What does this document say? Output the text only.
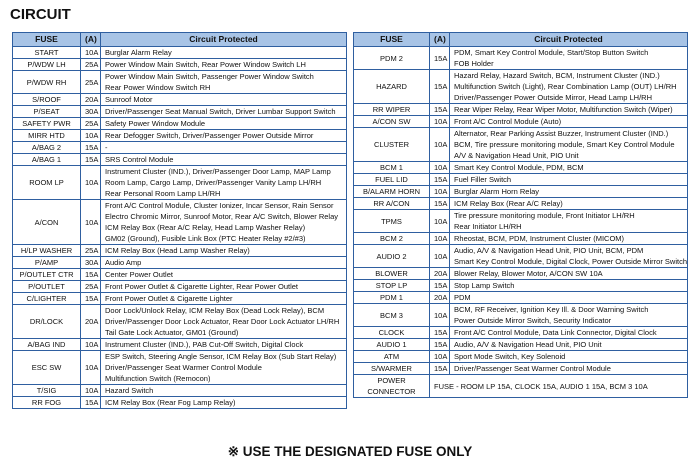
CIRCUIT
FUSE	(A)	Circuit Protected
START	10A	Burglar Alarm Relay

P/WDW LH	25A	Power Window Main Switch, Rear Power Window Switch LH

P/WDW RH	25A	Power Window Main Switch, Passenger Power Window Switch
Rear Power Window Switch RH

S/ROOF	20A	Sunroof Motor

P/SEAT	30A	Driver/Passenger Seat Manual Switch, Driver Lumbar Support Switch

SAFETY PWR	25A	Safety Power Window Module

MIRR HTD	10A	Rear Defogger Switch, Driver/Passenger Power Outside Mirror

A/BAG 2	15A	-

A/BAG 1	15A	SRS Control Module

ROOM LP	10A	Instrument Cluster (IND.), Driver/Passenger Door Lamp, MAP Lamp
Room Lamp, Cargo Lamp, Driver/Passenger Vanity Lamp LH/RH
Rear Personal Room Lamp LH/RH

A/CON	10A	Front A/C Control Module, Cluster Ionizer, Incar Sensor, Rain Sensor
Electro Chromic Mirror, Sunroof Motor, Rear A/C Switch, Blower Relay
ICM Relay Box (Rear A/C Relay, Head Lamp Washer Relay)
GM02 (Ground), Fusible Link Box (PTC Heater Relay #2/#3)

H/LP WASHER	25A	ICM Relay Box (Head Lamp Washer Relay)

P/AMP	30A	Audio Amp

P/OUTLET CTR	15A	Center Power Outlet

P/OUTLET	25A	Front Power Outlet & Cigarette Lighter, Rear Power Outlet

C/LIGHTER	15A	Front Power Outlet & Cigarette Lighter

DR/LOCK	20A	Door Lock/Unlock Relay, ICM Relay Box (Dead Lock Relay), BCM
Driver/Passenger Door Lock Actuator, Rear Door Lock Actuator LH/RH
Tail Gate Lock Actuator, GM01 (Ground)

A/BAG IND	10A	Instrument Cluster (IND.), PAB Cut-Off Switch, Digital Clock

ESC SW	10A	ESP Switch, Steering Angle Sensor, ICM Relay Box (Sub Start Relay)
Driver/Passenger Seat Warmer Control Module
Multifunction Switch (Remocon)

T/SIG	10A	Hazard Switch

RR FOG	15A	ICM Relay Box (Rear Fog Lamp Relay)
FUSE	(A)	Circuit Protected
PDM 2	15A	PDM, Smart Key Control Module, Start/Stop Button Switch
FOB Holder

HAZARD	15A	Hazard Relay, Hazard Switch, BCM, Instrument Cluster (IND.)
Multifunction Switch (Light), Rear Combination Lamp (OUT) LH/RH
Driver/Passenger Power Outside Mirror, Head Lamp LH/RH

RR WIPER	15A	Rear Wiper Relay, Rear Wiper Motor, Multifunction Switch (Wiper)

A/CON SW	10A	Front A/C Control Module (Auto)

CLUSTER	10A	Alternator, Rear Parking Assist Buzzer, Instrument Cluster (IND.)
BCM, Tire pressure monitoring module, Smart Key Control Module
A/V & Navigation Head Unit, PIO Unit

BCM 1	10A	Smart Key Control Module, PDM, BCM

FUEL LID	15A	Fuel Filler Switch

B/ALARM HORN	10A	Burglar Alarm Horn Relay

RR A/CON	15A	ICM Relay Box (Rear A/C Relay)

TPMS	10A	Tire pressure monitoring module, Front Initiator LH/RH
Rear Initiator LH/RH

BCM 2	10A	Rheostat, BCM, PDM, Instrument Cluster (MICOM)

AUDIO 2	10A	Audio, A/V & Navigation Head Unit, PIO Unit, BCM, PDM
Smart Key Control Module, Digital Clock, Power Outside Mirror Switch

BLOWER	20A	Blower Relay, Blower Motor, A/CON SW 10A

STOP LP	15A	Stop Lamp Switch

PDM 1	20A	PDM

BCM 3	10A	BCM, RF Receiver, Ignition Key Ill. & Door Warning Switch
Power Outside Mirror Switch, Security Indicator

CLOCK	15A	Front A/C Control Module, Data Link Connector, Digital Clock

AUDIO 1	15A	Audio, A/V & Navigation Head Unit, PIO Unit

ATM	10A	Sport Mode Switch, Key Solenoid

S/WARMER	15A	Driver/Passenger Seat Warmer Control Module

POWER
CONNECTOR	FUSE - ROOM LP 15A, CLOCK 15A, AUDIO 1 15A, BCM 3 10A	
※ USE THE DESIGNATED FUSE ONLY
